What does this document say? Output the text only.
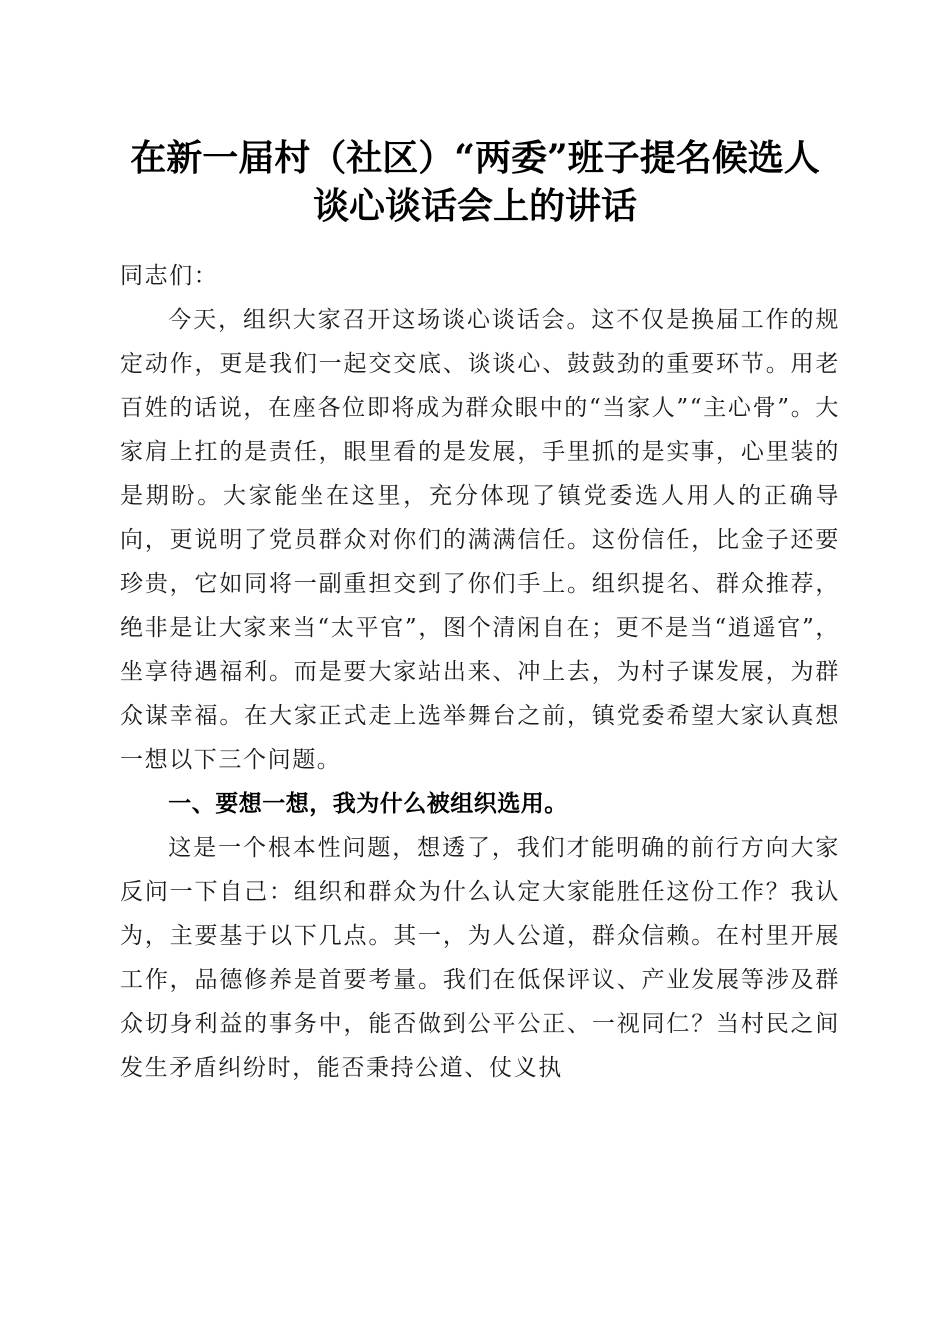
在新一届村（社区）“两委”班子提名候选人
谈心谈话会上的讲话

同志们：

今天，组织大家召开这场谈心谈话会。这不仅是换届工作的规定动作，更是我们一起交交底、谈谈心、鼓鼓劲的重要环节。用老百姓的话说，在座各位即将成为群众眼中的“当家人”“主心骨”。大家肩上扛的是责任，眼里看的是发展，手里抓的是实事，心里装的是期盼。大家能坐在这里，充分体现了镇党委选人用人的正确导向，更说明了党员群众对你们的满满信任。这份信任，比金子还要珍贵，它如同将一副重担交到了你们手上。组织提名、群众推荐，绝非是让大家来当“太平官”，图个清闲自在；更不是当“逍遥官”，坐享待遇福利。而是要大家站出来、冲上去，为村子谋发展，为群众谋幸福。在大家正式走上选举舞台之前，镇党委希望大家认真想一想以下三个问题。

一、要想一想，我为什么被组织选用。

这是一个根本性问题，想透了，我们才能明确的前行方向大家反问一下自己：组织和群众为什么认定大家能胜任这份工作？我认为，主要基于以下几点。其一，为人公道，群众信赖。在村里开展工作，品德修养是首要考量。我们在低保评议、产业发展等涉及群众切身利益的事务中，能否做到公平公正、一视同仁？当村民之间发生矛盾纠纷时，能否秉持公道、仗义执
